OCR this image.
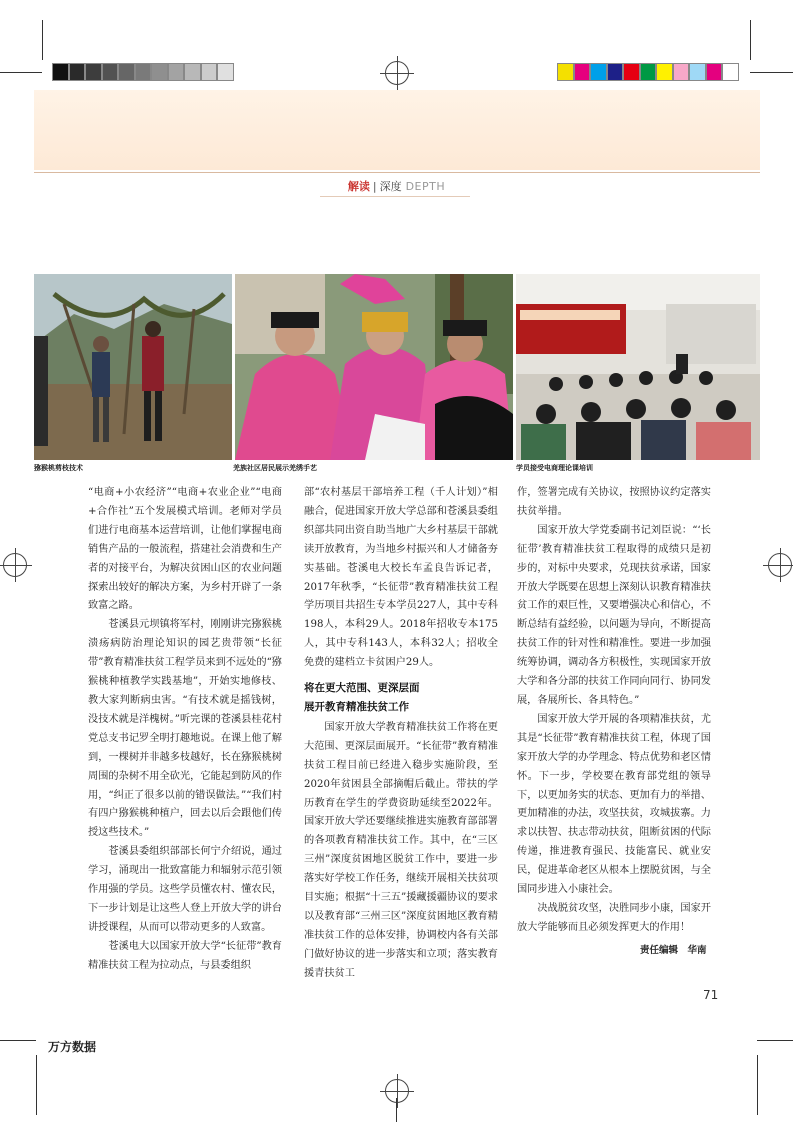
解读 | 深度 DEPTH
猕猴桃剪枝技术	羌族社区居民展示羌绣手艺	学员接受电商理论课培训

“电商+小农经济”“电商+农业企业”“电商+合作社”五个发展模式培训。老师对学员们进行电商基本运营培训，让他们掌握电商销售产品的一般流程，搭建社会消费和生产者的对接平台，为解决贫困山区的农业问题探索出较好的解决方案，为乡村开辟了一条致富之路。

苍溪县元坝镇将军村，刚刚讲完猕猴桃溃疡病防治理论知识的园艺贵带领“长征带”教育精准扶贫工程学员来到不远处的“猕猴桃种植教学实践基地”，开始实地修枝、教大家判断病虫害。“有技术就是摇钱树，没技术就是洋槐树。”听完课的苍溪县桂花村党总支书记罗全明打趣地说。在课上他了解到，一棵树并非越多枝越好，长在猕猴桃树周围的杂树不用全砍光，它能起到防风的作用，“纠正了很多以前的错误做法。”“我们村有四户猕猴桃种植户，回去以后会跟他们传授这些技术。”

苍溪县委组织部部长何宁介绍说，通过学习，涌现出一批致富能力和辐射示范引领作用强的学员。这些学员懂农村、懂农民，下一步计划是让这些人登上开放大学的讲台讲授课程，从而可以带动更多的人致富。

苍溪电大以国家开放大学“长征带”教育精准扶贫工程为拉动点，与县委组织

部“农村基层干部培养工程（千人计划）”相融合，促进国家开放大学总部和苍溪县委组织部共同出资自助当地广大乡村基层干部就读开放教育，为当地乡村振兴和人才储备夯实基础。苍溪电大校长车孟良告诉记者，2017年秋季，“长征带”教育精准扶贫工程学历项目共招生专本学员227人，其中专科198人，本科29人。2018年招收专本175人，其中专科143人，本科32人；招收全免费的建档立卡贫困户29人。

将在更大范围、更深层面
展开教育精准扶贫工作

国家开放大学教育精准扶贫工作将在更大范围、更深层面展开。“长征带”教育精准扶贫工程目前已经进入稳步实施阶段，至2020年贫困县全部摘帽后截止。带扶的学历教育在学生的学费资助延续至2022年。国家开放大学还要继续推进实施教育部部署的各项教育精准扶贫工作。其中，在“三区三州”深度贫困地区脱贫工作中，要进一步落实好学校工作任务，继续开展相关扶贫项目实施；根据“十三五”援藏援疆协议的要求以及教育部“三州三区”深度贫困地区教育精准扶贫工作的总体安排，协调校内各有关部门做好协议的进一步落实和立项；落实教育援青扶贫工

作，签署完成有关协议，按照协议约定落实扶贫举措。

国家开放大学党委副书记刘臣说：“‘长征带’教育精准扶贫工程取得的成绩只是初步的，对标中央要求，兑现扶贫承诺，国家开放大学既要在思想上深刻认识教育精准扶贫工作的艰巨性，又要增强决心和信心，不断总结有益经验，以问题为导向，不断提高扶贫工作的针对性和精准性。要进一步加强统筹协调，调动各方积极性，实现国家开放大学和各分部的扶贫工作同向同行、协同发展，各展所长、各具特色。”

国家开放大学开展的各项精准扶贫，尤其是“长征带”教育精准扶贫工程，体现了国家开放大学的办学理念、特点优势和老区情怀。下一步，学校要在教育部党组的领导下，以更加务实的状态、更加有力的举措、更加精准的办法，攻坚扶贫，攻城拔寨。力求以扶智、扶志带动扶贫，阻断贫困的代际传递，推进教育强民、技能富民、就业安民，促进革命老区从根本上摆脱贫困，与全国同步进入小康社会。

决战脱贫攻坚，决胜同步小康，国家开放大学能够而且必须发挥更大的作用！

责任编辑　华南
71
万方数据
